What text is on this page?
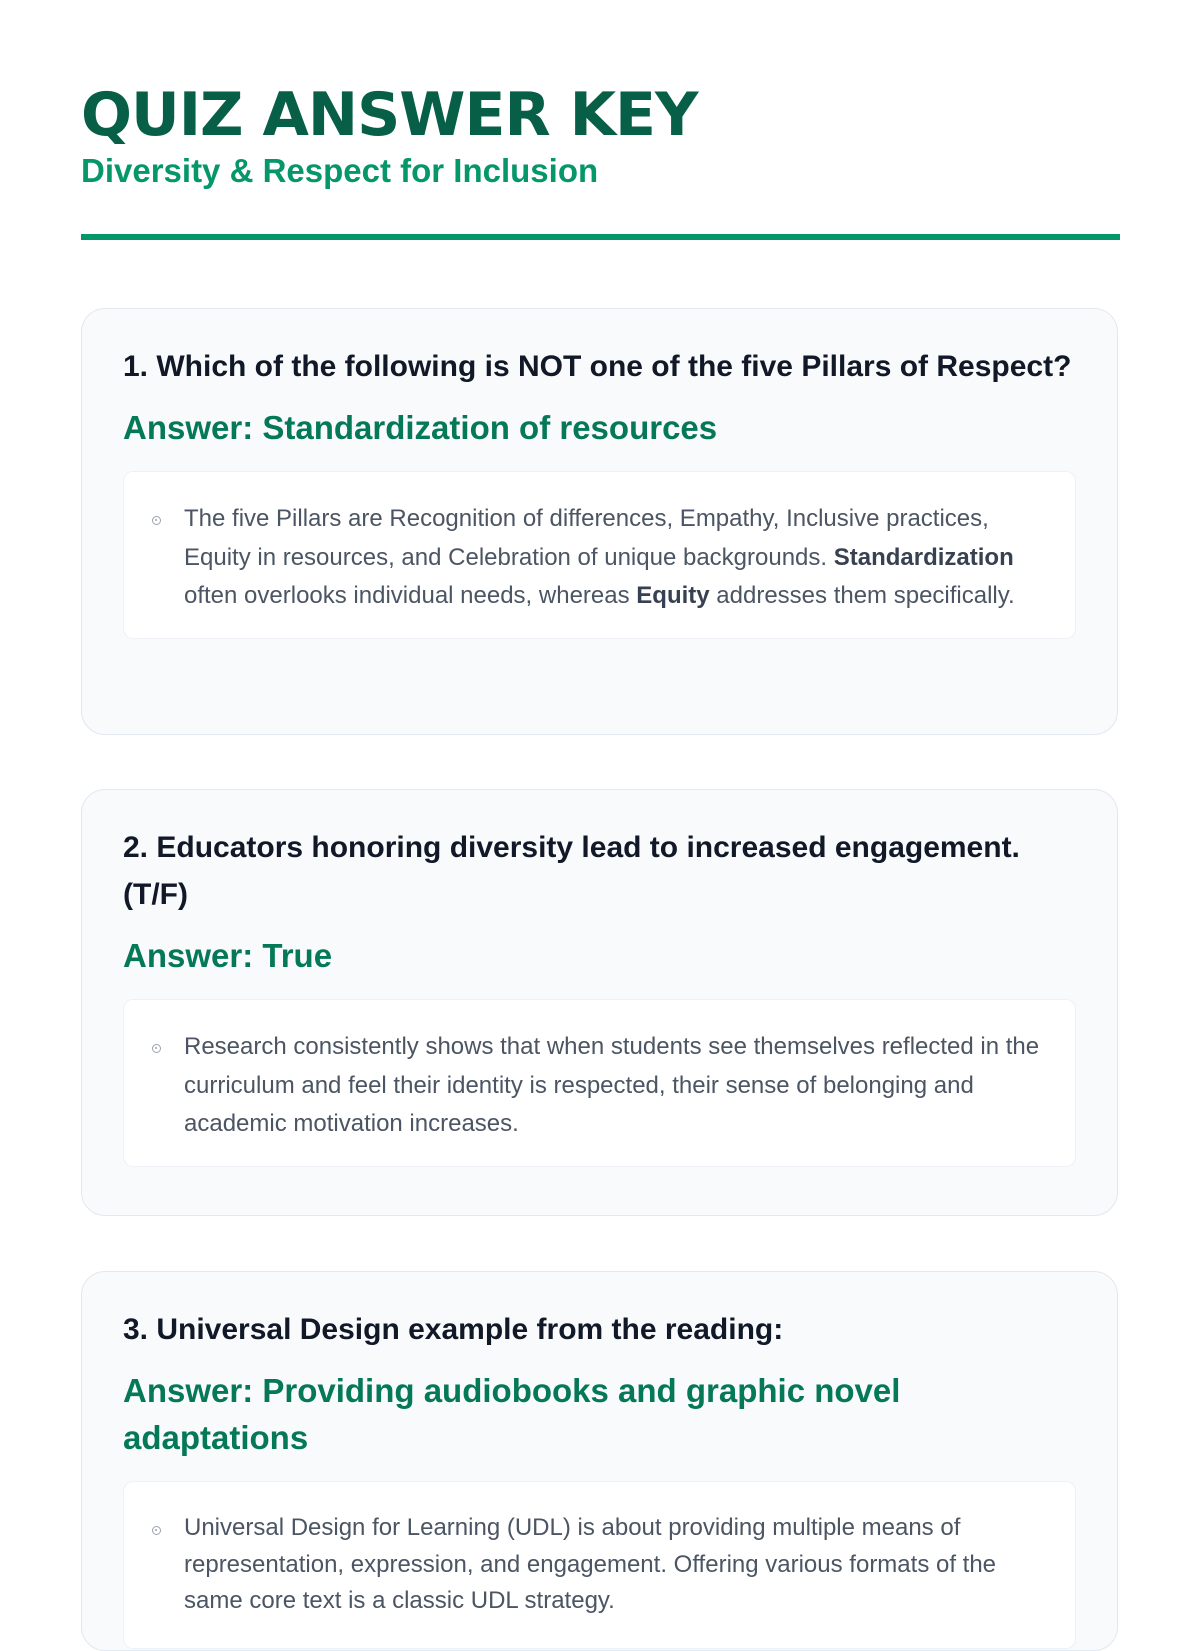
QUIZ ANSWER KEY
Diversity & Respect for Inclusion

1. Which of the following is NOT one of the five Pillars of Respect?

Answer: Standardization of resources

The five Pillars are Recognition of differences, Empathy, Inclusive practices, Equity in resources, and Celebration of unique backgrounds. Standardization often overlooks individual needs, whereas Equity addresses them specifically.

2. Educators honoring diversity lead to increased engagement. (T/F)

Answer: True

Research consistently shows that when students see themselves reflected in the curriculum and feel their identity is respected, their sense of belonging and academic motivation increases.

3. Universal Design example from the reading:

Answer: Providing audiobooks and graphic novel adaptations

Universal Design for Learning (UDL) is about providing multiple means of representation, expression, and engagement. Offering various formats of the same core text is a classic UDL strategy.
